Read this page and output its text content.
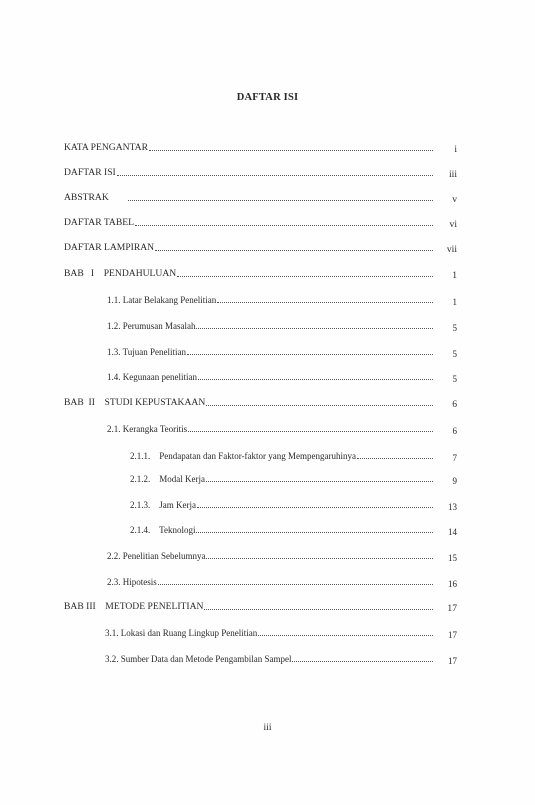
DAFTAR ISI
KATA PENGANTAR	i
DAFTAR ISI	iii
ABSTRAK	v
DAFTAR TABEL	vi
DAFTAR LAMPIRAN	vii
BAB   I    PENDAHULUAN	1
1.1. Latar Belakang Penelitian	1
1.2. Perumusan Masalah	5
1.3. Tujuan Penelitian	5
1.4. Kegunaan penelitian	5
BAB  II    STUDI KEPUSTAKAAN	6
2.1. Kerangka Teoritis	6
2.1.1.    Pendapatan dan Faktor-faktor yang Mempengaruhinya	7
2.1.2.    Modal Kerja	9
2.1.3.    Jam Kerja	13
2.1.4.    Teknologi	14
2.2. Penelitian Sebelumnya	15
2.3. Hipotesis	16
BAB III    METODE PENELITIAN	17
3.1. Lokasi dan Ruang Lingkup Penelitian	17
3.2. Sumber Data dan Metode Pengambilan Sampel	17
iii
